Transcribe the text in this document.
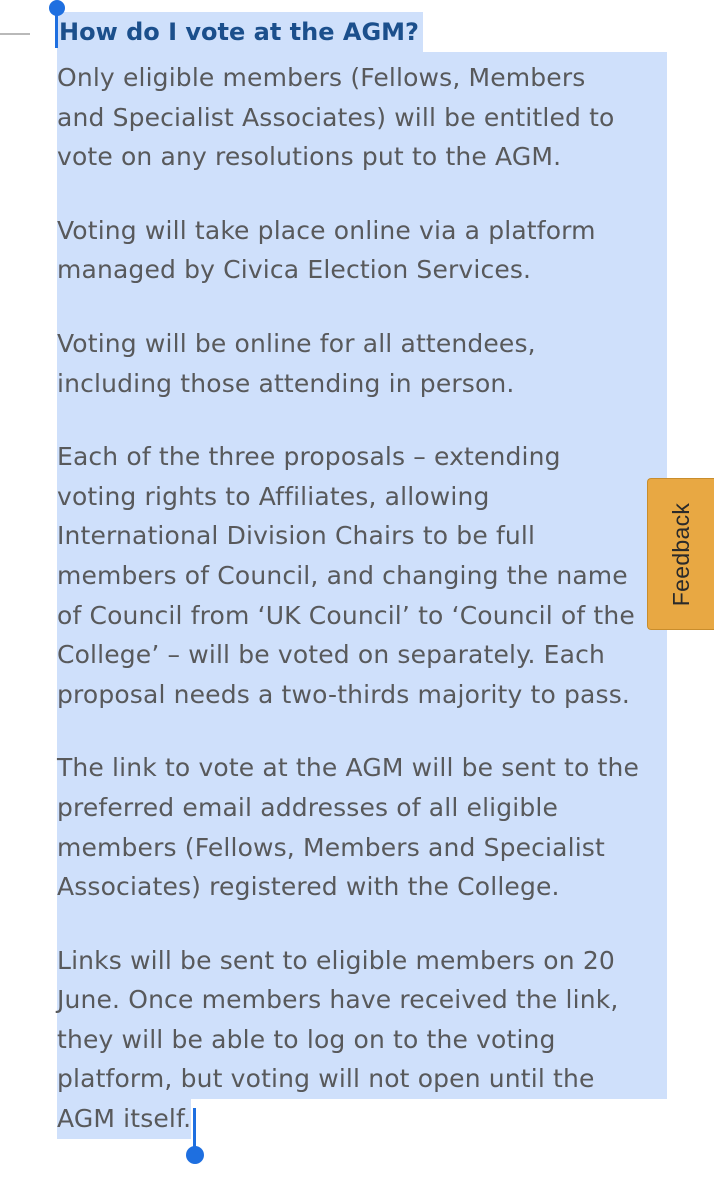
How do I vote at the AGM?

Only eligible members (Fellows, Members
and Specialist Associates) will be entitled to
vote on any resolutions put to the AGM.

Voting will take place online via a platform
managed by Civica Election Services.

Voting will be online for all attendees,
including those attending in person.

Each of the three proposals – extending
voting rights to Affiliates, allowing
International Division Chairs to be full
members of Council, and changing the name
of Council from ‘UK Council’ to ‘Council of the
College’ – will be voted on separately. Each
proposal needs a two-thirds majority to pass.

The link to vote at the AGM will be sent to the
preferred email addresses of all eligible
members (Fellows, Members and Specialist
Associates) registered with the College.

Links will be sent to eligible members on 20
June. Once members have received the link,
they will be able to log on to the voting
platform, but voting will not open until the

AGM itself.

Feedback
